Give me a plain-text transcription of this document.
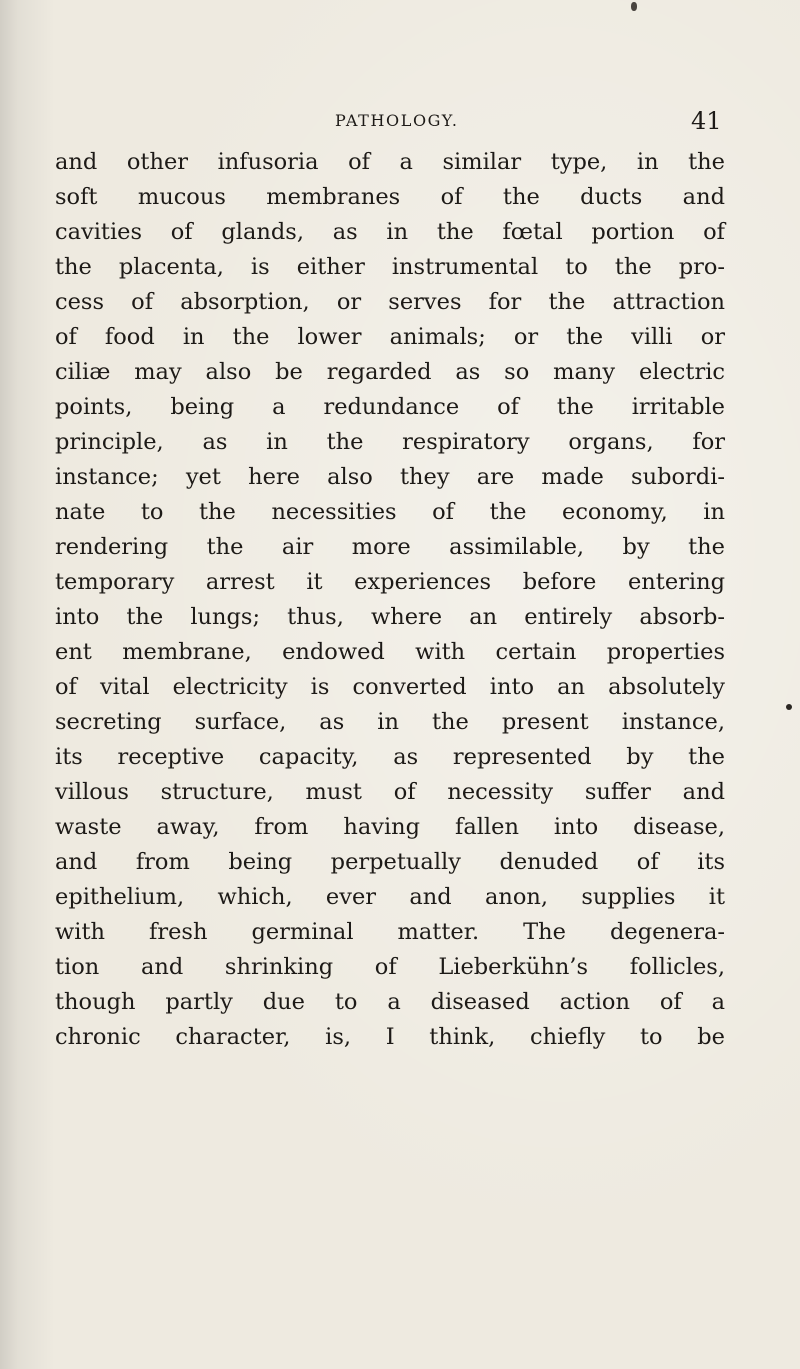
PATHOLOGY.	41
and other infusoria of a similar type, in the
soft mucous membranes of the ducts and
cavities of glands, as in the fœtal portion of
the placenta, is either instrumental to the pro-
cess of absorption, or serves for the attraction
of food in the lower animals; or the villi or
ciliæ may also be regarded as so many electric
points, being a redundance of the irritable
principle, as in the respiratory organs, for
instance; yet here also they are made subordi-
nate to the necessities of the economy, in
rendering the air more assimilable, by the
temporary arrest it experiences before entering
into the lungs; thus, where an entirely absorb-
ent membrane, endowed with certain properties
of vital electricity is converted into an absolutely
secreting surface, as in the present instance,
its receptive capacity, as represented by the
villous structure, must of necessity suffer and
waste away, from having fallen into disease,
and from being perpetually denuded of its
epithelium, which, ever and anon, supplies it
with fresh germinal matter. The degenera-
tion and shrinking of Lieberkühn’s follicles,
though partly due to a diseased action of a
chronic character, is, I think, chiefly to be
